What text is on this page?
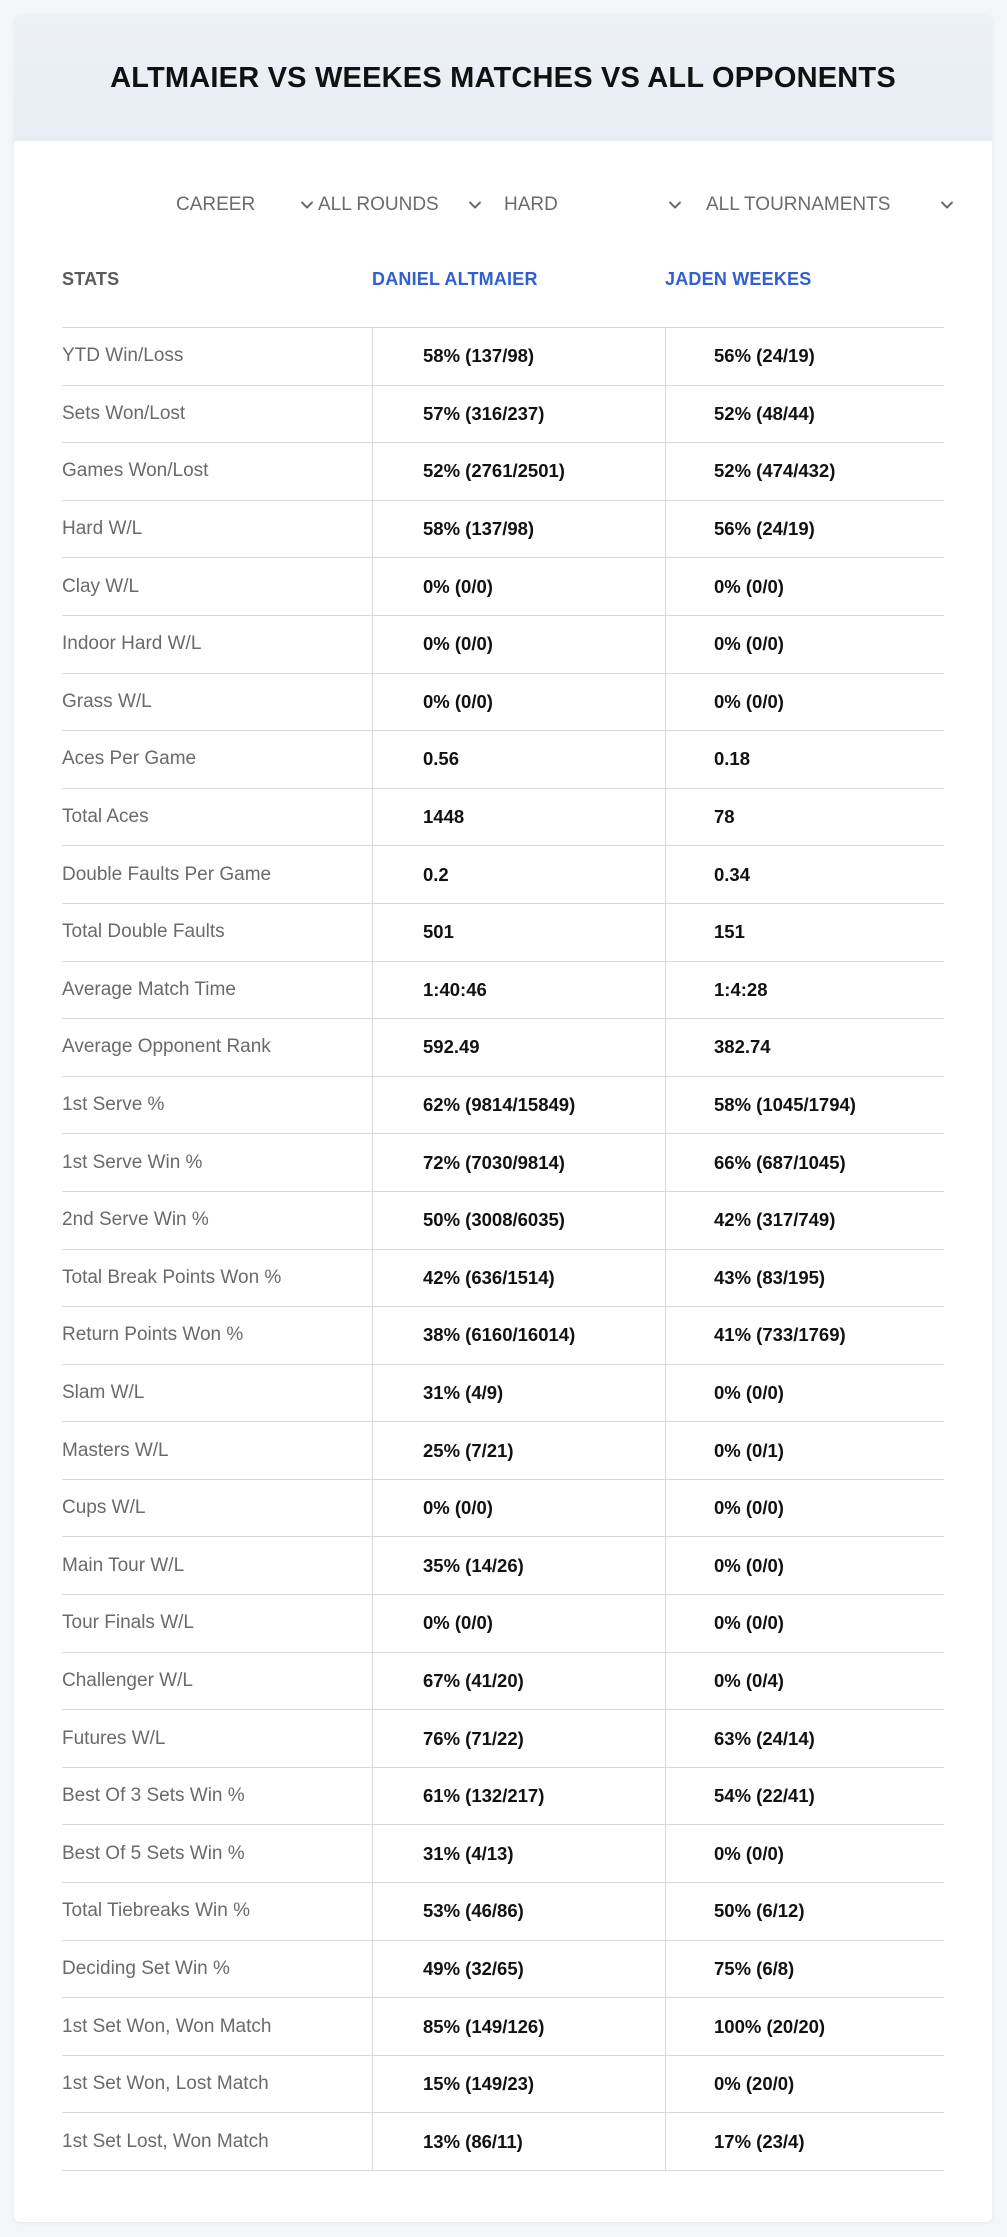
ALTMAIER VS WEEKES MATCHES VS ALL OPPONENTS
CAREER	ALL ROUNDS	HARD	ALL TOURNAMENTS
STATS	DANIEL ALTMAIER	JADEN WEEKES
YTD Win/Loss	58% (137/98)	56% (24/19)
Sets Won/Lost	57% (316/237)	52% (48/44)
Games Won/Lost	52% (2761/2501)	52% (474/432)
Hard W/L	58% (137/98)	56% (24/19)
Clay W/L	0% (0/0)	0% (0/0)
Indoor Hard W/L	0% (0/0)	0% (0/0)
Grass W/L	0% (0/0)	0% (0/0)
Aces Per Game	0.56	0.18
Total Aces	1448	78
Double Faults Per Game	0.2	0.34
Total Double Faults	501	151
Average Match Time	1:40:46	1:4:28
Average Opponent Rank	592.49	382.74
1st Serve %	62% (9814/15849)	58% (1045/1794)
1st Serve Win %	72% (7030/9814)	66% (687/1045)
2nd Serve Win %	50% (3008/6035)	42% (317/749)
Total Break Points Won %	42% (636/1514)	43% (83/195)
Return Points Won %	38% (6160/16014)	41% (733/1769)
Slam W/L	31% (4/9)	0% (0/0)
Masters W/L	25% (7/21)	0% (0/1)
Cups W/L	0% (0/0)	0% (0/0)
Main Tour W/L	35% (14/26)	0% (0/0)
Tour Finals W/L	0% (0/0)	0% (0/0)
Challenger W/L	67% (41/20)	0% (0/4)
Futures W/L	76% (71/22)	63% (24/14)
Best Of 3 Sets Win %	61% (132/217)	54% (22/41)
Best Of 5 Sets Win %	31% (4/13)	0% (0/0)
Total Tiebreaks Win %	53% (46/86)	50% (6/12)
Deciding Set Win %	49% (32/65)	75% (6/8)
1st Set Won, Won Match	85% (149/126)	100% (20/20)
1st Set Won, Lost Match	15% (149/23)	0% (20/0)
1st Set Lost, Won Match	13% (86/11)	17% (23/4)
